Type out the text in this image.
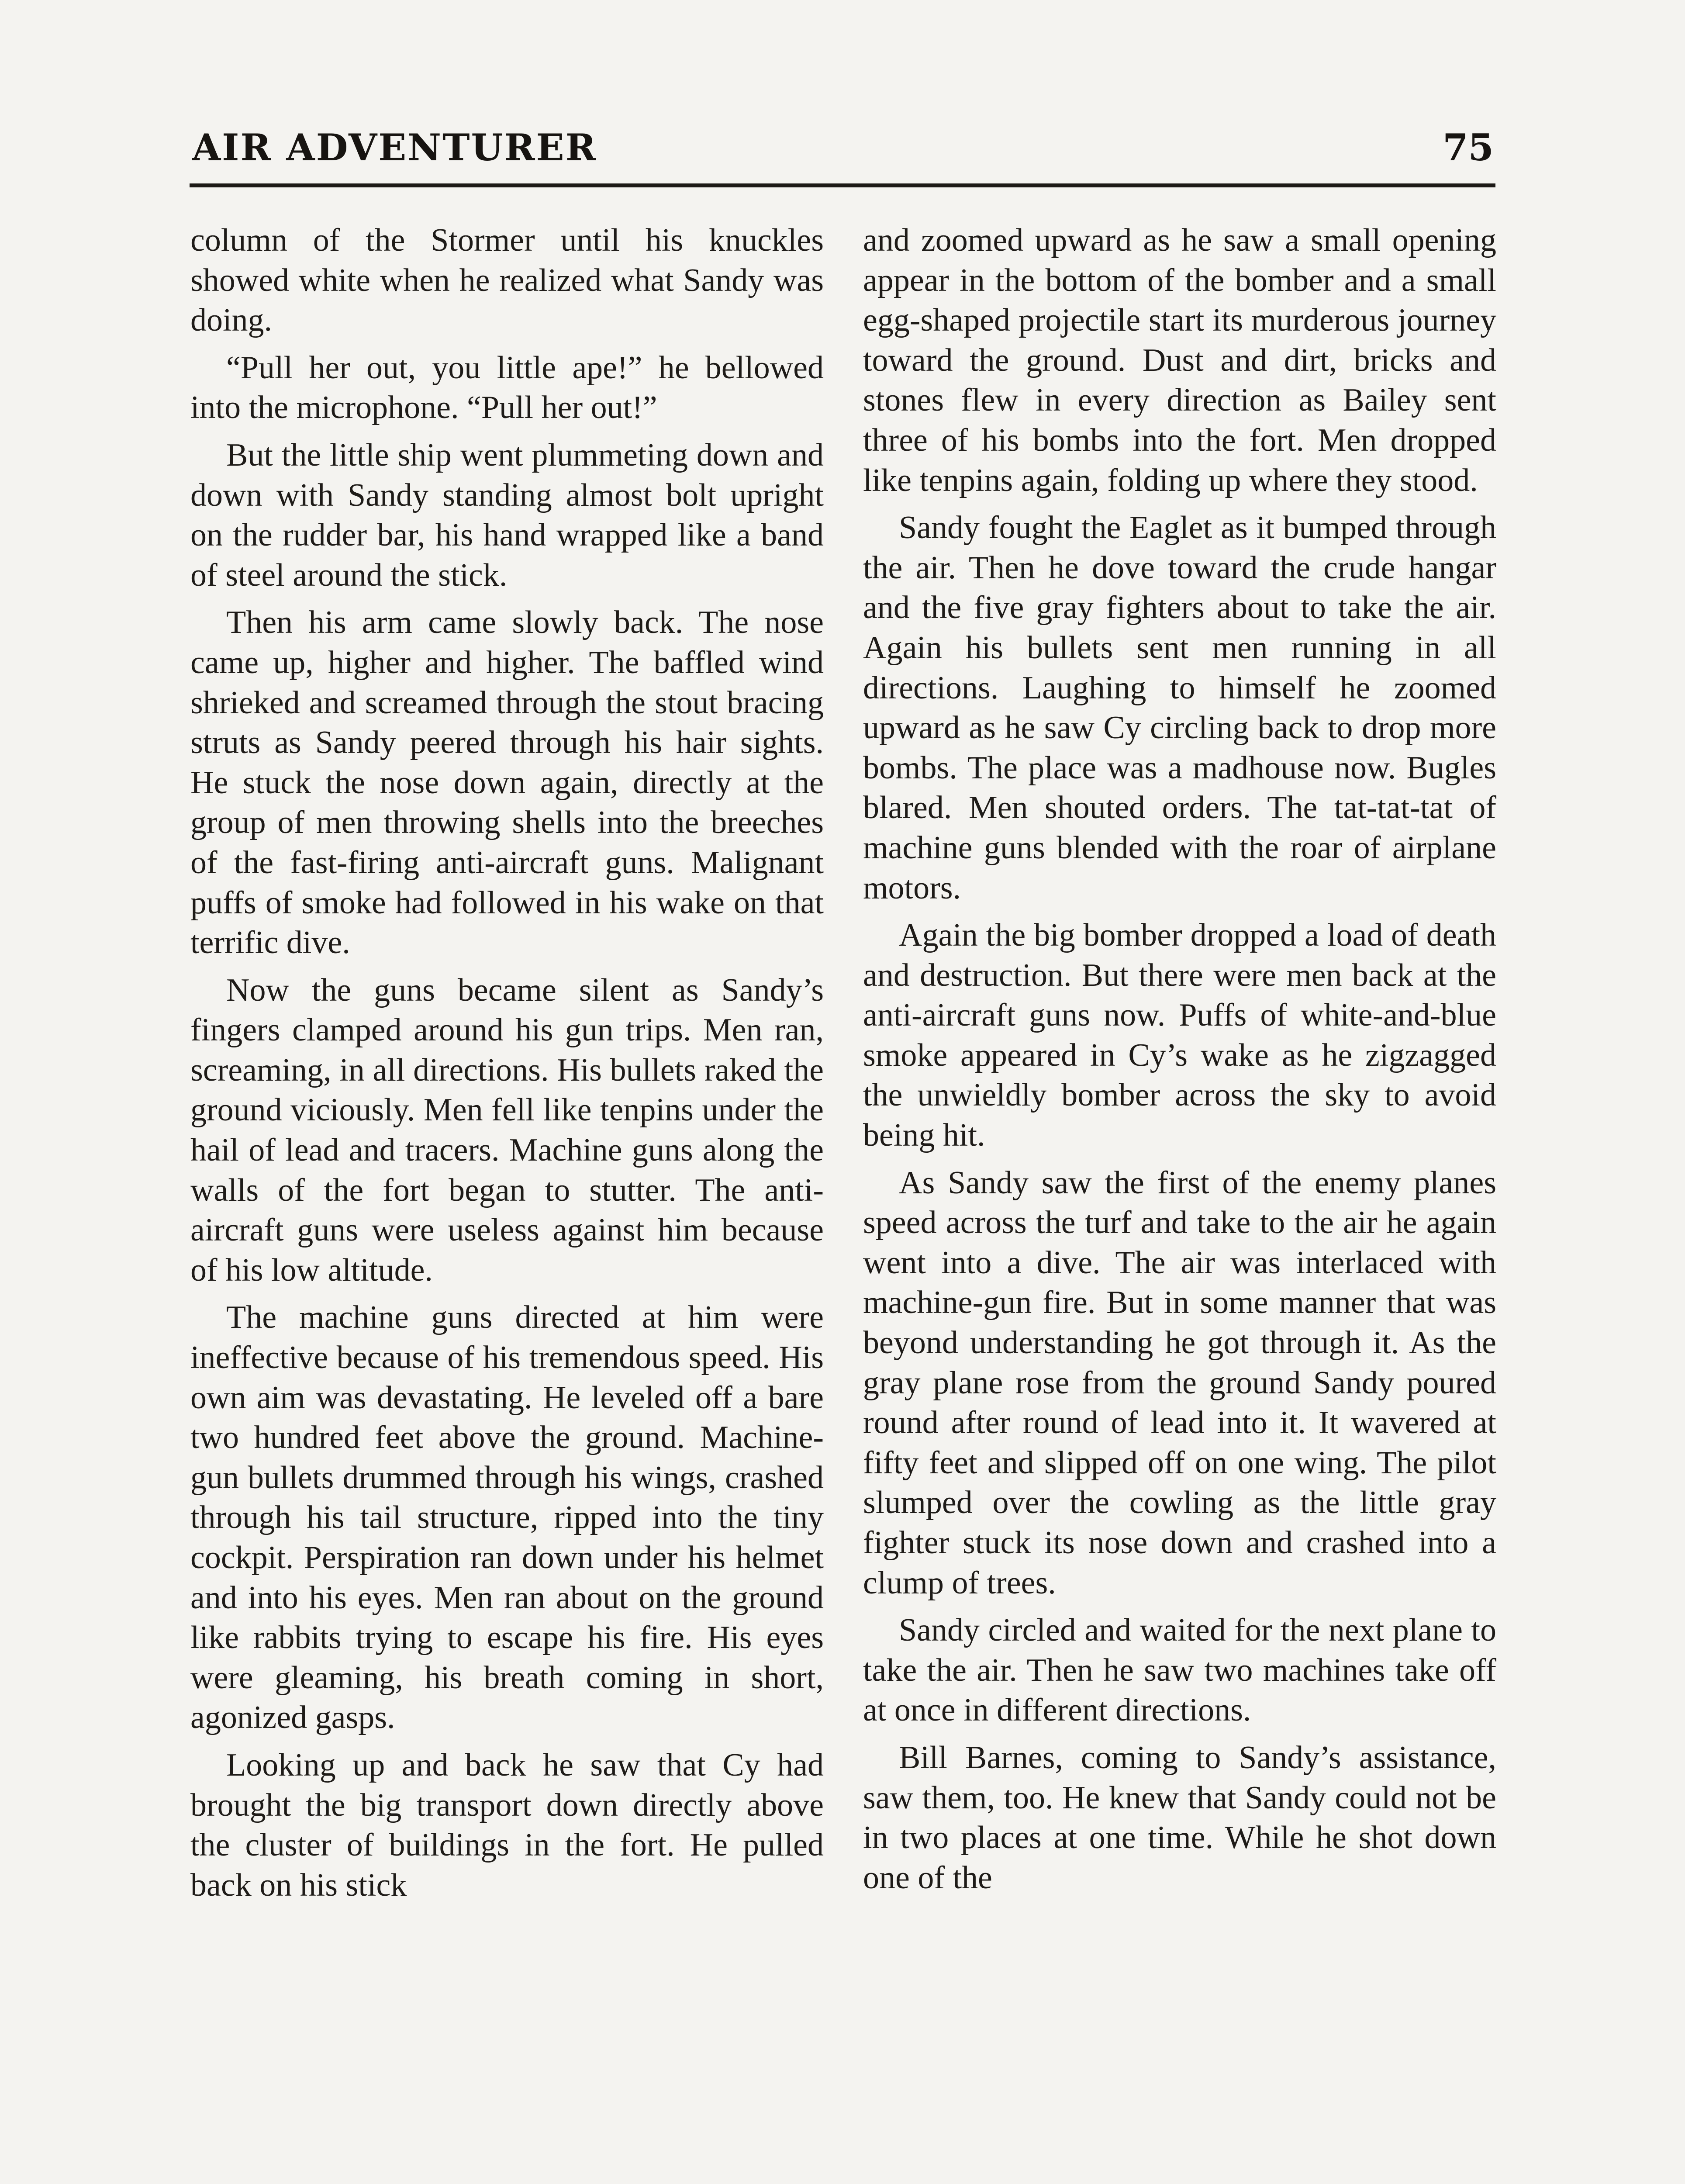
AIR ADVENTURER	75

column of the Stormer until his knuckles showed white when he realized what Sandy was doing.

“Pull her out, you little ape!” he bellowed into the microphone. “Pull her out!”

But the little ship went plummeting down and down with Sandy standing almost bolt upright on the rudder bar, his hand wrapped like a band of steel around the stick.

Then his arm came slowly back. The nose came up, higher and higher. The baffled wind shrieked and screamed through the stout bracing struts as Sandy peered through his hair sights. He stuck the nose down again, directly at the group of men throwing shells into the breeches of the fast-firing anti-aircraft guns. Malignant puffs of smoke had followed in his wake on that terrific dive.

Now the guns became silent as Sandy’s fingers clamped around his gun trips. Men ran, screaming, in all directions. His bullets raked the ground viciously. Men fell like tenpins under the hail of lead and tracers. Machine guns along the walls of the fort began to stutter. The anti-aircraft guns were useless against him because of his low altitude.

The machine guns directed at him were ineffective because of his tremendous speed. His own aim was devastating. He leveled off a bare two hundred feet above the ground. Machine-gun bullets drummed through his wings, crashed through his tail structure, ripped into the tiny cockpit. Perspiration ran down under his helmet and into his eyes. Men ran about on the ground like rabbits trying to escape his fire. His eyes were gleaming, his breath coming in short, agonized gasps.

Looking up and back he saw that Cy had brought the big transport down directly above the cluster of buildings in the fort. He pulled back on his stick

and zoomed upward as he saw a small opening appear in the bottom of the bomber and a small egg-shaped projectile start its murderous journey toward the ground. Dust and dirt, bricks and stones flew in every direction as Bailey sent three of his bombs into the fort. Men dropped like tenpins again, folding up where they stood.

Sandy fought the Eaglet as it bumped through the air. Then he dove toward the crude hangar and the five gray fighters about to take the air. Again his bullets sent men running in all directions. Laughing to himself he zoomed upward as he saw Cy circling back to drop more bombs. The place was a madhouse now. Bugles blared. Men shouted orders. The tat-tat-tat of machine guns blended with the roar of airplane motors.

Again the big bomber dropped a load of death and destruction. But there were men back at the anti-aircraft guns now. Puffs of white-and-blue smoke appeared in Cy’s wake as he zigzagged the unwieldly bomber across the sky to avoid being hit.

As Sandy saw the first of the enemy planes speed across the turf and take to the air he again went into a dive. The air was interlaced with machine-gun fire. But in some manner that was beyond understanding he got through it. As the gray plane rose from the ground Sandy poured round after round of lead into it. It wavered at fifty feet and slipped off on one wing. The pilot slumped over the cowling as the little gray fighter stuck its nose down and crashed into a clump of trees.

Sandy circled and waited for the next plane to take the air. Then he saw two machines take off at once in different directions.

Bill Barnes, coming to Sandy’s assistance, saw them, too. He knew that Sandy could not be in two places at one time. While he shot down one of the
